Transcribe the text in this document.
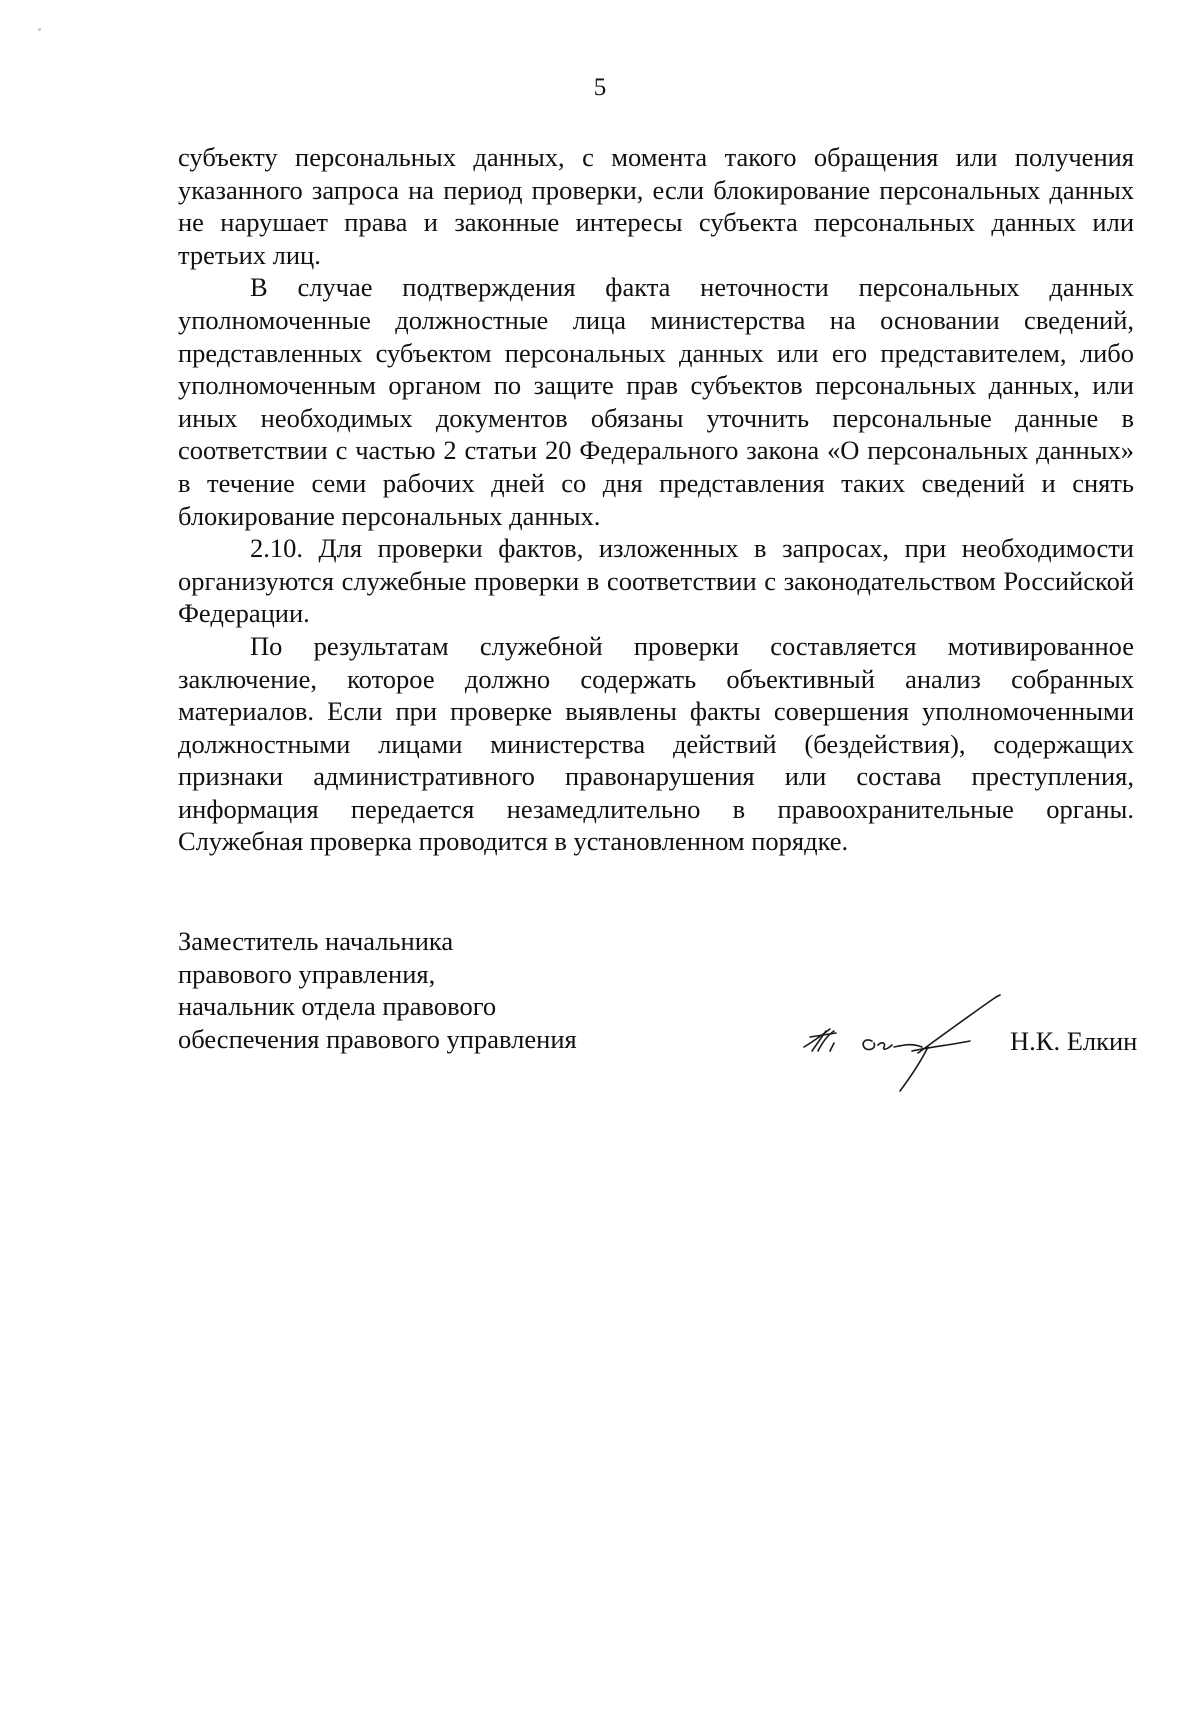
5

субъекту персональных данных, с момента такого обращения или получения указанного запроса на период проверки, если блокирование персональных данных не нарушает права и законные интересы субъекта персональных данных или третьих лиц.

В случае подтверждения факта неточности персональных данных уполномоченные должностные лица министерства на основании сведений, представленных субъектом персональных данных или его представителем, либо уполномоченным органом по защите прав субъектов персональных данных, или иных необходимых документов обязаны уточнить персональные данные в соответствии с частью 2 статьи 20 Федерального закона «О персональных данных» в течение семи рабочих дней со дня представления таких сведений и снять блокирование персональных данных.

2.10. Для проверки фактов, изложенных в запросах, при необходимости организуются служебные проверки в соответствии с законодательством Российской Федерации.

По результатам служебной проверки составляется мотивированное заключение, которое должно содержать объективный анализ собранных материалов. Если при проверке выявлены факты совершения уполномоченными должностными лицами министерства действий (бездействия), содержащих признаки административного правонарушения или состава преступления, информация передается незамедлительно в правоохранительные органы. Служебная проверка проводится в установленном порядке.

Заместитель начальника
правового управления,
начальник отдела правового
обеспечения правового управления	Н.К. Елкин
